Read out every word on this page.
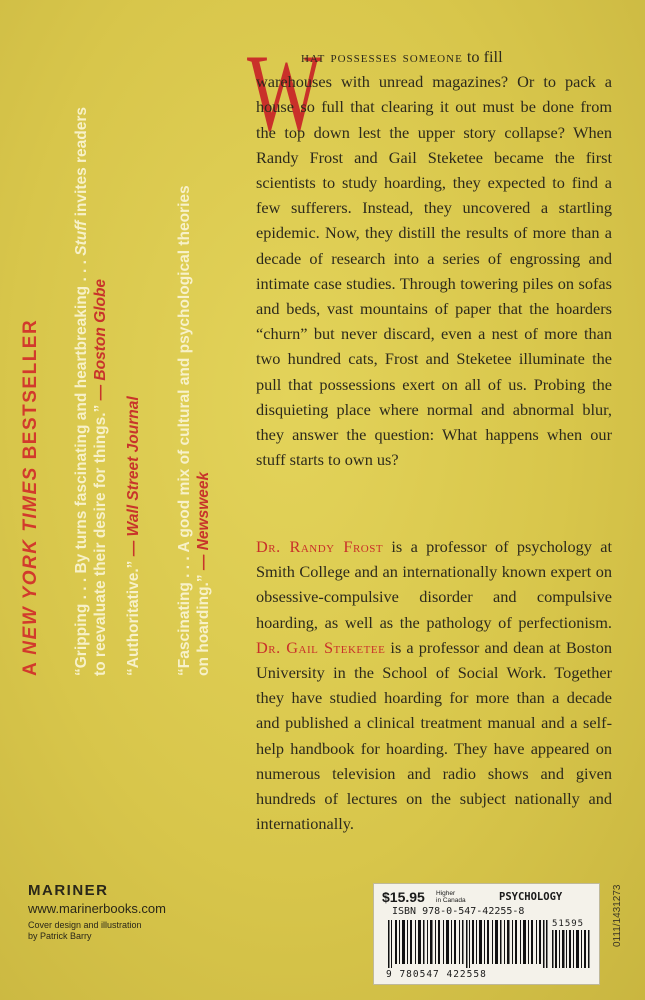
A NEW YORK TIMES BESTSELLER “Gripping . . . By turns fascinating and heartbreaking . . . Stuff invites readers
to reevaluate their desire for things.” — Boston Globe
“Authoritative.” — Wall Street Journal “Fascinating . . . A good mix of cultural and psychological theories on hoarding.” — Newsweek
W
hat possesses someone to fill
warehouses with unread magazines? Or to pack a house so full that clearing it out must be done from the top down lest the upper story collapse? When Randy Frost and Gail Steketee became the first scientists to study hoarding, they expected to find a few sufferers. Instead, they uncovered a startling epidemic. Now, they distill the results of more than a decade of research into a series of engrossing and intimate case studies. Through towering piles on sofas and beds, vast mountains of paper that the hoarders “churn” but never discard, even a nest of more than two hundred cats, Frost and Steketee illuminate the pull that possessions exert on all of us. Probing the disquieting place where normal and abnormal blur, they answer the question: What happens when our stuff starts to own us?
Dr. Randy Frost is a professor of psychology at Smith College and an internationally known expert on obsessive-compulsive disorder and compulsive hoarding, as well as the pathology of perfectionism. Dr. Gail Steketee is a professor and dean at Boston University in the School of Social Work. Together they have studied hoarding for more than a decade and published a clinical treatment manual and a self-help handbook for hoarding. They have appeared on numerous television and radio shows and given hundreds of lectures on the subject nationally and internationally.
MARINER
www.marinerbooks.com
Cover design and illustration
by Patrick Barry
$15.95 Higher
in Canada	PSYCHOLOGY
ISBN 978-0-547-42255-8
51595
9 780547 422558
0111/1431273
